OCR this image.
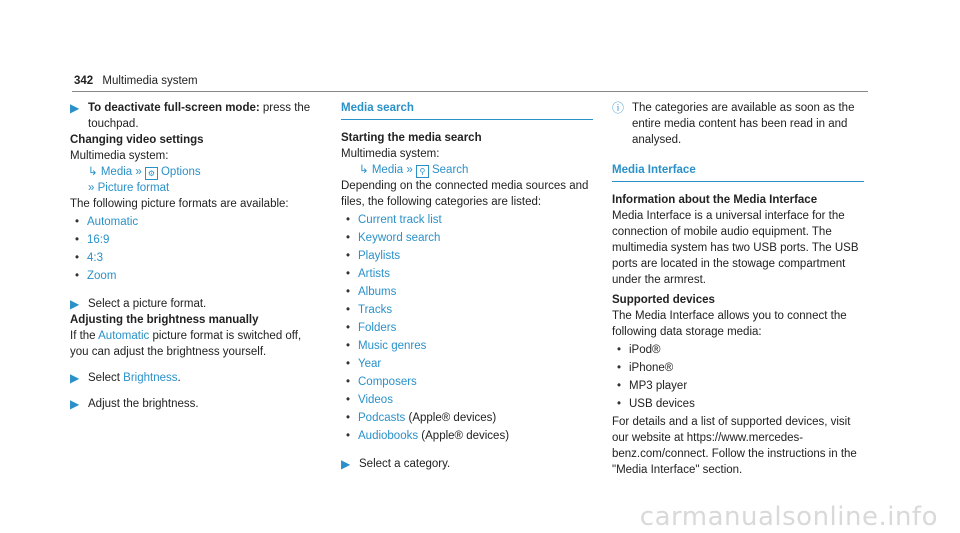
342 Multimedia system
▶ To deactivate full-screen mode: press the touchpad.
Changing video settings
Multimedia system:
↳ Media » ⚙ Options
» Picture format
The following picture formats are available:
• Automatic
• 16:9
• 4:3
• Zoom
▶ Select a picture format.
Adjusting the brightness manually
If the Automatic picture format is switched off, you can adjust the brightness yourself.
▶ Select Brightness.
▶ Adjust the brightness.
Media search
Starting the media search
Multimedia system:
↳ Media » ⚲ Search
Depending on the connected media sources and files, the following categories are listed:
• Current track list
• Keyword search
• Playlists
• Artists
• Albums
• Tracks
• Folders
• Music genres
• Year
• Composers
• Videos
• Podcasts (Apple® devices)
• Audiobooks (Apple® devices)
▶ Select a category.
ⓘ The categories are available as soon as the entire media content has been read in and analysed.
Media Interface
Information about the Media Interface
Media Interface is a universal interface for the connection of mobile audio equipment. The multimedia system has two USB ports. The USB ports are located in the stowage compartment under the armrest.
Supported devices
The Media Interface allows you to connect the following data storage media:
• iPod®
• iPhone®
• MP3 player
• USB devices
For details and a list of supported devices, visit our website at https://www.mercedes-benz.com/connect. Follow the instructions in the "Media Interface" section.
carmanualsonline.info
